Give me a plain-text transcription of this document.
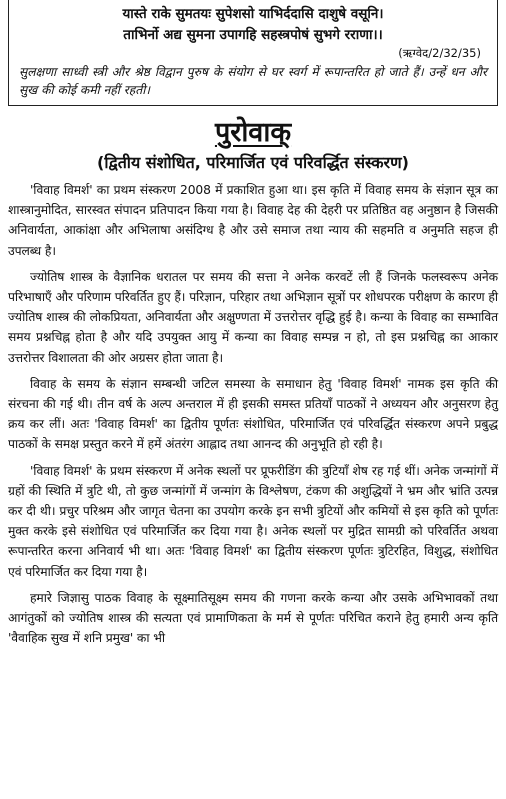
यास्ते राके सुमतयः सुपेशसो याभिर्ददासि दाशुषे वसूनि।

ताभिर्नो अद्य सुमना उपागहि सहस्त्रपोषं सुभगे रराणा।।

(ऋग्वेद/2/32/35)

सुलक्षणा साध्वी स्त्री और श्रेष्ठ विद्वान पुरुष के संयोग से घर स्वर्ग में रूपान्तरित हो जाते हैं। उन्हें धन और सुख की कोई कमी नहीं रहती।

पुरोवाक्
(द्वितीय संशोधित, परिमार्जित एवं परिवर्द्धित संस्करण)

'विवाह विमर्श' का प्रथम संस्करण 2008 में प्रकाशित हुआ था। इस कृति में विवाह समय के संज्ञान सूत्र का शास्त्रानुमोदित, सारस्वत संपादन प्रतिपादन किया गया है। विवाह देह की देहरी पर प्रतिष्ठित वह अनुष्ठान है जिसकी अनिवार्यता, आकांक्षा और अभिलाषा असंदिग्ध है और उसे समाज तथा न्याय की सहमति व अनुमति सहज ही उपलब्ध है।

ज्योतिष शास्त्र के वैज्ञानिक धरातल पर समय की सत्ता ने अनेक करवटें ली हैं जिनके फलस्वरूप अनेक परिभाषाएँ और परिणाम परिवर्तित हुए हैं। परिज्ञान, परिहार तथा अभिज्ञान सूत्रों पर शोधपरक परीक्षण के कारण ही ज्योतिष शास्त्र की लोकप्रियता, अनिवार्यता और अक्षुण्णता में उत्तरोत्तर वृद्धि हुई है। कन्या के विवाह का सम्भावित समय प्रश्नचिह्न होता है और यदि उपयुक्त आयु में कन्या का विवाह सम्पन्न न हो, तो इस प्रश्नचिह्न का आकार उत्तरोत्तर विशालता की ओर अग्रसर होता जाता है।

विवाह के समय के संज्ञान सम्बन्धी जटिल समस्या के समाधान हेतु 'विवाह विमर्श' नामक इस कृति की संरचना की गई थी। तीन वर्ष के अल्प अन्तराल में ही इसकी समस्त प्रतियाँ पाठकों ने अध्ययन और अनुसरण हेतु क्रय कर लीं। अतः 'विवाह विमर्श' का द्वितीय पूर्णतः संशोधित, परिमार्जित एवं परिवर्द्धित संस्करण अपने प्रबुद्ध पाठकों के समक्ष प्रस्तुत करने में हमें अंतरंग आह्लाद तथा आनन्द की अनुभूति हो रही है।

'विवाह विमर्श' के प्रथम संस्करण में अनेक स्थलों पर प्रूफरीडिंग की त्रुटियाँ शेष रह गई थीं। अनेक जन्मांगों में ग्रहों की स्थिति में त्रुटि थी, तो कुछ जन्मांगों में जन्मांग के विश्लेषण, टंकण की अशुद्धियों ने भ्रम और भ्रांति उत्पन्न कर दी थी। प्रचुर परिश्रम और जागृत चेतना का उपयोग करके इन सभी त्रुटियों और कमियों से इस कृति को पूर्णतः मुक्त करके इसे संशोधित एवं परिमार्जित कर दिया गया है। अनेक स्थलों पर मुद्रित सामग्री को परिवर्तित अथवा रूपान्तरित करना अनिवार्य भी था। अतः 'विवाह विमर्श' का द्वितीय संस्करण पूर्णतः त्रुटिरहित, विशुद्ध, संशोधित एवं परिमार्जित कर दिया गया है।

हमारे जिज्ञासु पाठक विवाह के सूक्ष्मातिसूक्ष्म समय की गणना करके कन्या और उसके अभिभावकों तथा आगंतुकों को ज्योतिष शास्त्र की सत्यता एवं प्रामाणिकता के मर्म से पूर्णतः परिचित कराने हेतु हमारी अन्य कृति 'वैवाहिक सुख में शनि प्रमुख' का भी
